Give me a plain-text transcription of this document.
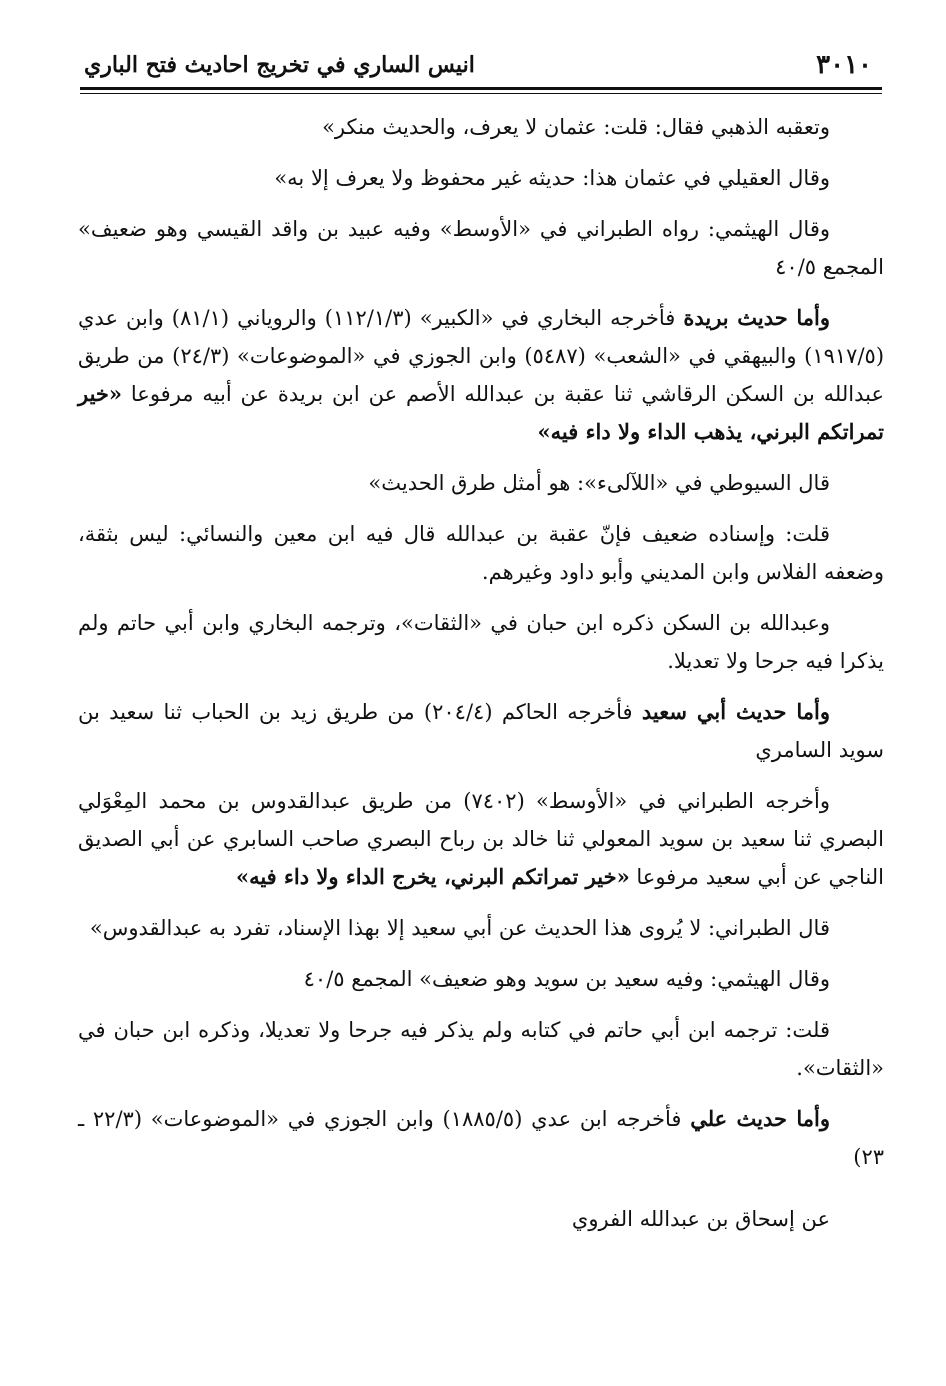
٣٠١٠
انيس الساري في تخريج احاديث فتح الباري

وتعقبه الذهبي فقال: قلت: عثمان لا يعرف، والحديث منكر»

وقال العقيلي في عثمان هذا: حديثه غير محفوظ ولا يعرف إلا به»

وقال الهيثمي: رواه الطبراني في «الأوسط» وفيه عبيد بن واقد القيسي وهو ضعيف» المجمع ٤٠/٥

وأما حديث بريدة فأخرجه البخاري في «الكبير» (١١٢/١/٣) والروياني (٨١/١) وابن عدي (١٩١٧/٥) والبيهقي في «الشعب» (٥٤٨٧) وابن الجوزي في «الموضوعات» (٢٤/٣) من طريق عبدالله بن السكن الرقاشي ثنا عقبة بن عبدالله الأصم عن ابن بريدة عن أبيه مرفوعا «خير تمراتكم البرني، يذهب الداء ولا داء فيه»

قال السيوطي في «اللآلىء»: هو أمثل طرق الحديث»

قلت: وإسناده ضعيف فإنّ عقبة بن عبدالله قال فيه ابن معين والنسائي: ليس بثقة، وضعفه الفلاس وابن المديني وأبو داود وغيرهم.

وعبدالله بن السكن ذكره ابن حبان في «الثقات»، وترجمه البخاري وابن أبي حاتم ولم يذكرا فيه جرحا ولا تعديلا.

وأما حديث أبي سعيد فأخرجه الحاكم (٢٠٤/٤) من طريق زيد بن الحباب ثنا سعيد بن سويد السامري

وأخرجه الطبراني في «الأوسط» (٧٤٠٢) من طريق عبدالقدوس بن محمد المِعْوَلي البصري ثنا سعيد بن سويد المعولي ثنا خالد بن رباح البصري صاحب السابري عن أبي الصديق الناجي عن أبي سعيد مرفوعا «خير تمراتكم البرني، يخرج الداء ولا داء فيه»

قال الطبراني: لا يُروى هذا الحديث عن أبي سعيد إلا بهذا الإسناد، تفرد به عبدالقدوس»

وقال الهيثمي: وفيه سعيد بن سويد وهو ضعيف» المجمع ٤٠/٥

قلت: ترجمه ابن أبي حاتم في كتابه ولم يذكر فيه جرحا ولا تعديلا، وذكره ابن حبان في «الثقات».

وأما حديث علي فأخرجه ابن عدي (١٨٨٥/٥) وابن الجوزي في «الموضوعات» (٢٢/٣ ـ ٢٣)

عن إسحاق بن عبدالله الفروي
